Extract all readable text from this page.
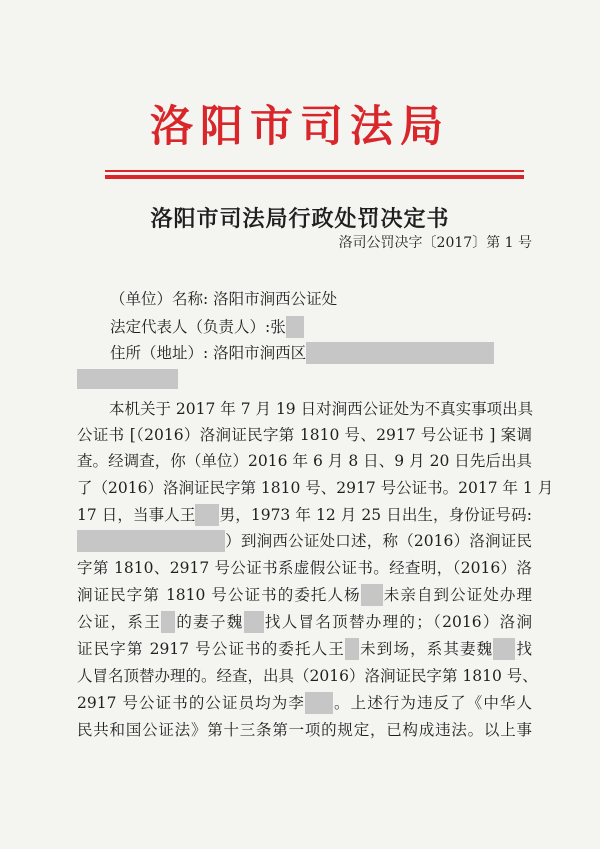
洛阳市司法局
洛阳市司法局行政处罚决定书
洛司公罚决字〔2017〕第 1 号
（单位）名称: 洛阳市涧西公证处
法定代表人（负责人）:张
住所（地址）: 洛阳市涧西区
本机关于 2017 年 7 月 19 日对涧西公证处为不真实事项出具
公证书 [（2016）洛涧证民字第 1810 号、2917 号公证书 ] 案调
查。经调查，你（单位）2016 年 6 月 8 日、9 月 20 日先后出具
了（2016）洛涧证民字第 1810 号、2917 号公证书。2017 年 1 月
17 日，当事人王 男，1973 年 12 月 25 日出生，身份证号码:
）到涧西公证处口述，称（2016）洛涧证民
字第 1810、2917 号公证书系虚假公证书。经查明，（2016）洛
涧证民字第 1810 号公证书的委托人杨 未亲自到公证处办理
公证，系王 的妻子魏 找人冒名顶替办理的；（2016）洛涧
证民字第 2917 号公证书的委托人王 未到场，系其妻魏 找
人冒名顶替办理的。经查，出具（2016）洛涧证民字第 1810 号、
2917 号公证书的公证员均为李 。上述行为违反了《中华人
民共和国公证法》第十三条第一项的规定，已构成违法。以上事
